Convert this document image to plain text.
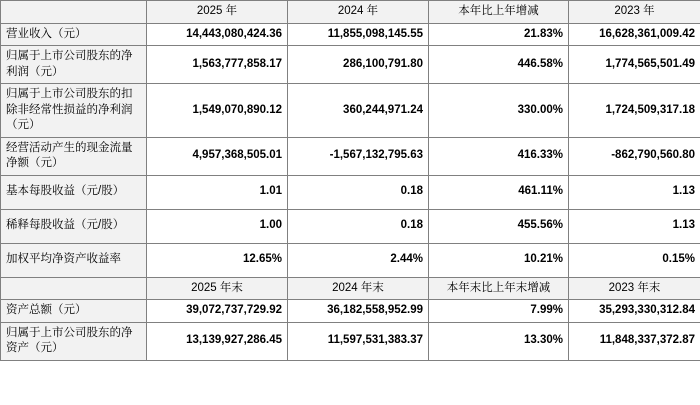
	2025 年	2024 年	本年比上年增减	2023 年
营业收入（元）	14,443,080,424.36	11,855,098,145.55	21.83%	16,628,361,009.42
归属于上市公司股东的净利润（元）	1,563,777,858.17	286,100,791.80	446.58%	1,774,565,501.49
归属于上市公司股东的扣除非经常性损益的净利润（元）	1,549,070,890.12	360,244,971.24	330.00%	1,724,509,317.18
经营活动产生的现金流量净额（元）	4,957,368,505.01	-1,567,132,795.63	416.33%	-862,790,560.80
基本每股收益（元/股）	1.01	0.18	461.11%	1.13
稀释每股收益（元/股）	1.00	0.18	455.56%	1.13
加权平均净资产收益率	12.65%	2.44%	10.21%	0.15%
	2025 年末	2024 年末	本年末比上年末增减	2023 年末
资产总额（元）	39,072,737,729.92	36,182,558,952.99	7.99%	35,293,330,312.84
归属于上市公司股东的净资产（元）	13,139,927,286.45	11,597,531,383.37	13.30%	11,848,337,372.87
